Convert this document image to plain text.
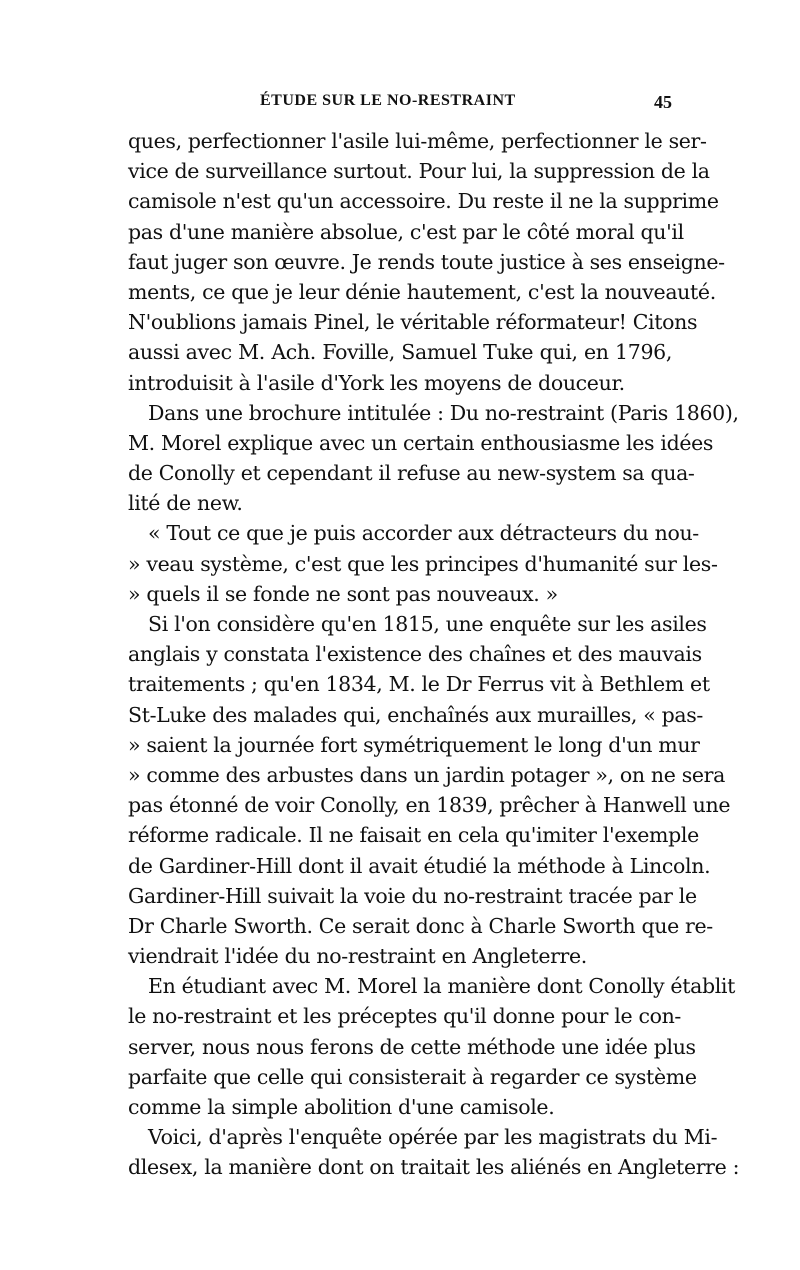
ÉTUDE SUR LE NO-RESTRAINT	45
ques, perfectionner l'asile lui-même, perfectionner le ser-
vice de surveillance surtout. Pour lui, la suppression de la
camisole n'est qu'un accessoire. Du reste il ne la supprime
pas d'une manière absolue, c'est par le côté moral qu'il
faut juger son œuvre. Je rends toute justice à ses enseigne-
ments, ce que je leur dénie hautement, c'est la nouveauté.
N'oublions jamais Pinel, le véritable réformateur! Citons
aussi avec M. Ach. Foville, Samuel Tuke qui, en 1796,
introduisit à l'asile d'York les moyens de douceur.
Dans une brochure intitulée : Du no-restraint (Paris 1860),
M. Morel explique avec un certain enthousiasme les idées
de Conolly et cependant il refuse au new-system sa qua-
lité de new.
« Tout ce que je puis accorder aux détracteurs du nou-
» veau système, c'est que les principes d'humanité sur les-
» quels il se fonde ne sont pas nouveaux. »
Si l'on considère qu'en 1815, une enquête sur les asiles
anglais y constata l'existence des chaînes et des mauvais
traitements ; qu'en 1834, M. le Dr Ferrus vit à Bethlem et
St-Luke des malades qui, enchaînés aux murailles, « pas-
» saient la journée fort symétriquement le long d'un mur
» comme des arbustes dans un jardin potager », on ne sera
pas étonné de voir Conolly, en 1839, prêcher à Hanwell une
réforme radicale. Il ne faisait en cela qu'imiter l'exemple
de Gardiner-Hill dont il avait étudié la méthode à Lincoln.
Gardiner-Hill suivait la voie du no-restraint tracée par le
Dr Charle Sworth. Ce serait donc à Charle Sworth que re-
viendrait l'idée du no-restraint en Angleterre.
En étudiant avec M. Morel la manière dont Conolly établit
le no-restraint et les préceptes qu'il donne pour le con-
server, nous nous ferons de cette méthode une idée plus
parfaite que celle qui consisterait à regarder ce système
comme la simple abolition d'une camisole.
Voici, d'après l'enquête opérée par les magistrats du Mi-
dlesex, la manière dont on traitait les aliénés en Angleterre :
